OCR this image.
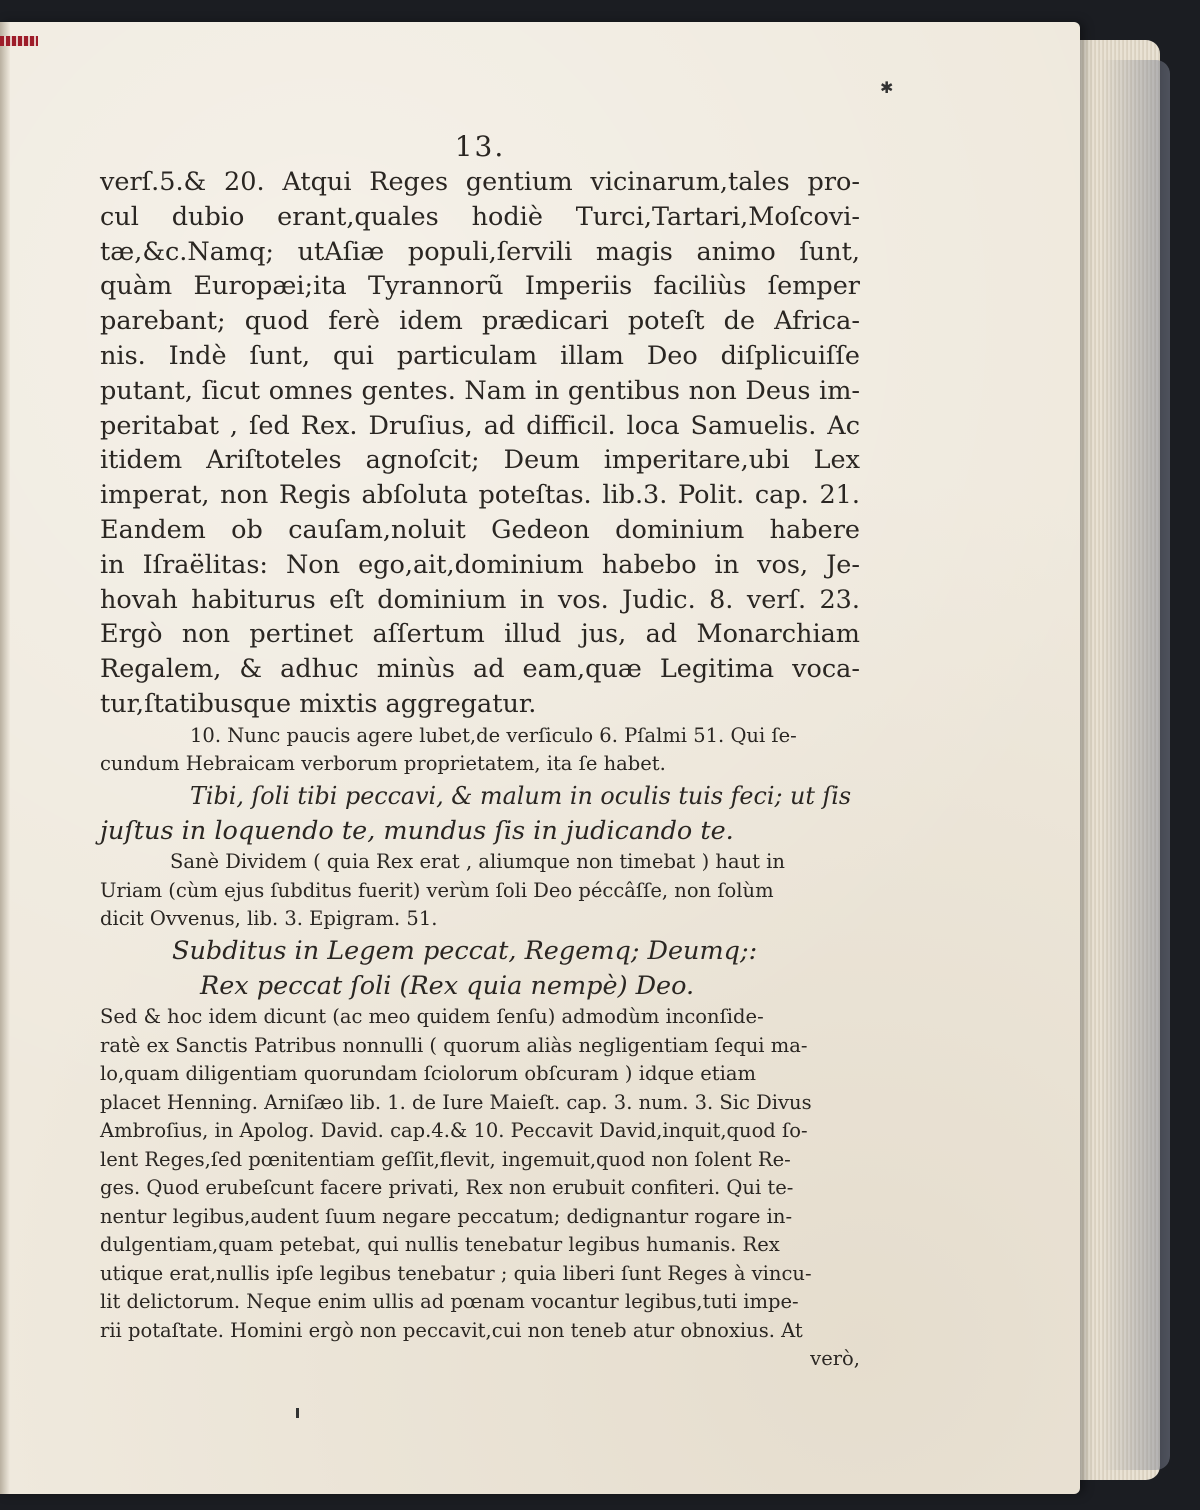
✱
13.
verſ.5.& 20. Atqui Reges gentium vicinarum,tales pro-
cul dubio erant,quales hodiè Turci,Tartari,Moſcovi-
tæ,&c.Namq; utAſiæ populi,ſervili magis animo ſunt,
quàm Europæi;ita Tyrannorũ Imperiis faciliùs ſemper
parebant; quod ferè idem prædicari poteſt de Africa-
nis. Indè ſunt, qui particulam illam Deo diſplicuiſſe
putant, ſicut omnes gentes. Nam in gentibus non Deus im-
peritabat , ſed Rex. Druſius, ad difficil. loca Samuelis. Ac
itidem Ariſtoteles agnoſcit; Deum imperitare,ubi Lex
imperat, non Regis abſoluta poteſtas. lib.3. Polit. cap. 21.
Eandem ob cauſam,noluit Gedeon dominium habere
in Iſraëlitas: Non ego,ait,dominium habebo in vos, Je-
hovah habiturus eſt dominium in vos. Judic. 8. verſ. 23.
Ergò non pertinet aſſertum illud jus, ad Monarchiam
Regalem, & adhuc minùs ad eam,quæ Legitima voca-
tur,ſtatibusque mixtis aggregatur.
10. Nunc paucis agere lubet,de verſiculo 6. Pſalmi 51. Qui ſe-
cundum Hebraicam verborum proprietatem, ita ſe habet.
Tibi, ſoli tibi peccavi, & malum in oculis tuis feci; ut ſis
juſtus in loquendo te, mundus ſis in judicando te.
Sanè Dividem ( quia Rex erat , aliumque non timebat ) haut in
Uriam (cùm ejus ſubditus fuerit) verùm ſoli Deo péccâſſe, non ſolùm
dicit Ovvenus, lib. 3. Epigram. 51.
Subditus in Legem peccat, Regemq; Deumq;:
Rex peccat ſoli (Rex quia nempè) Deo.
Sed & hoc idem dicunt (ac meo quidem ſenſu) admodùm inconſide-
ratè ex Sanctis Patribus nonnulli ( quorum aliàs negligentiam ſequi ma-
lo,quam diligentiam quorundam ſciolorum obſcuram ) idque etiam
placet Henning. Arniſæo lib. 1. de Iure Maieſt. cap. 3. num. 3. Sic Divus
Ambroſius, in Apolog. David. cap.4.& 10. Peccavit David,inquit,quod ſo-
lent Reges,ſed pœnitentiam geſſit,flevit, ingemuit,quod non ſolent Re-
ges. Quod erubeſcunt facere privati, Rex non erubuit confiteri. Qui te-
nentur legibus,audent ſuum negare peccatum; dedignantur rogare in-
dulgentiam,quam petebat, qui nullis tenebatur legibus humanis. Rex
utique erat,nullis ipſe legibus tenebatur ; quia liberi ſunt Reges à vincu-
lit delictorum. Neque enim ullis ad pœnam vocantur legibus,tuti impe-
rii potaſtate. Homini ergò non peccavit,cui non teneb atur obnoxius. At
verò,
